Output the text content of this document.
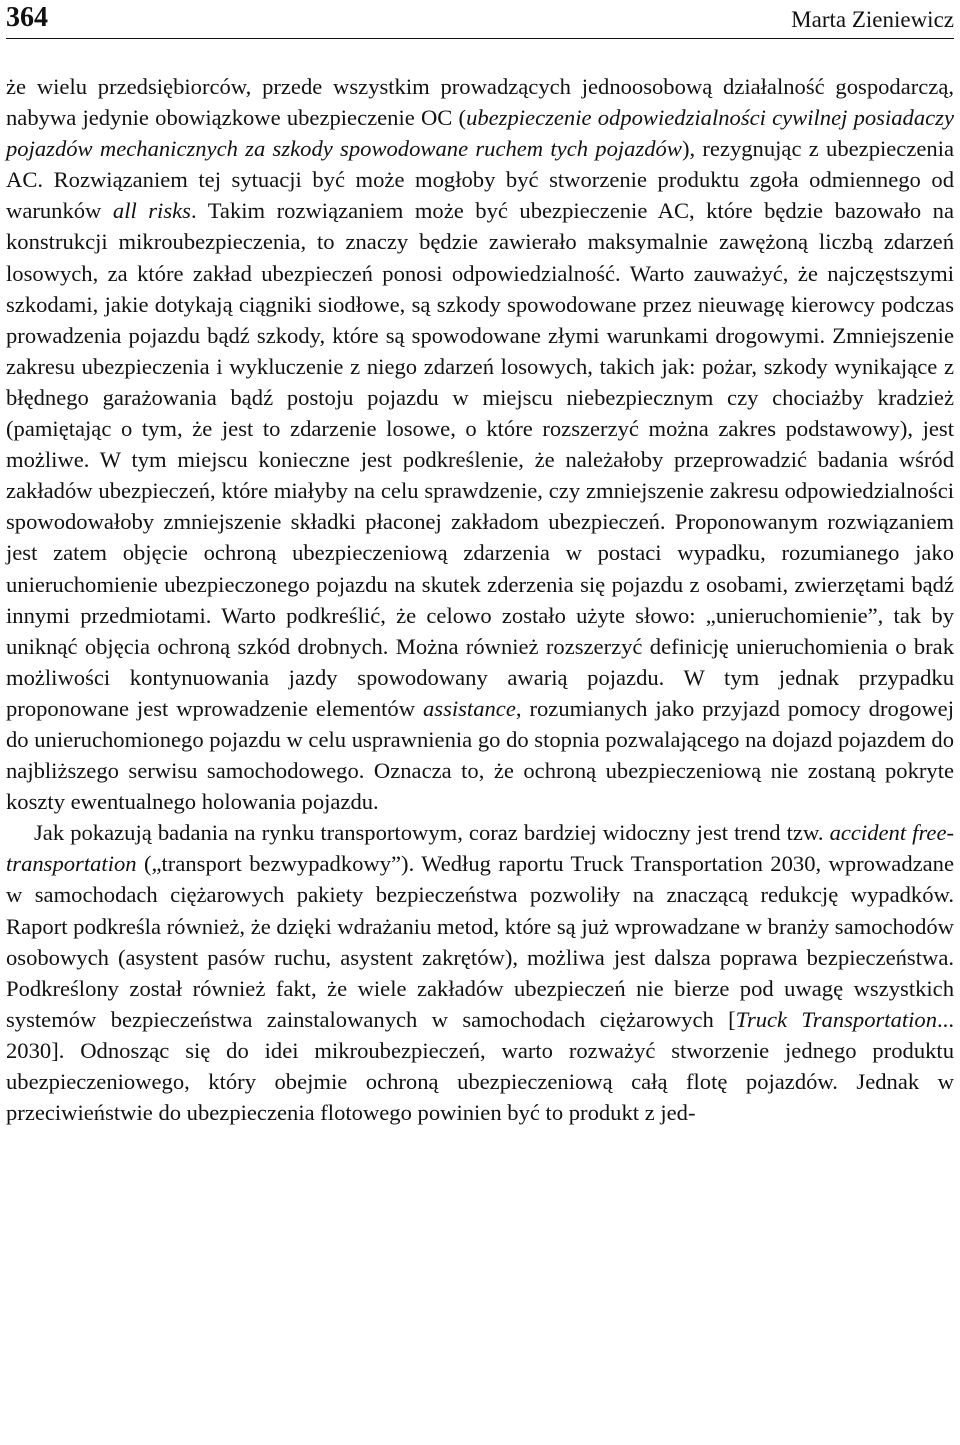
364	Marta Zieniewicz

że wielu przedsiębiorców, przede wszystkim prowadzących jednoosobową działalność gospodarczą, nabywa jedynie obowiązkowe ubezpieczenie OC (ubezpieczenie odpowiedzialności cywilnej posiadaczy pojazdów mechanicznych za szkody spowodowane ruchem tych pojazdów), rezygnując z ubezpieczenia AC. Rozwiązaniem tej sytuacji być może mogłoby być stworzenie produktu zgoła odmiennego od warunków all risks. Takim rozwiązaniem może być ubezpieczenie AC, które będzie bazowało na konstrukcji mikroubezpieczenia, to znaczy będzie zawierało maksymalnie zawężoną liczbą zdarzeń losowych, za które zakład ubezpieczeń ponosi odpowiedzialność. Warto zauważyć, że najczęstszymi szkodami, jakie dotykają ciągniki siodłowe, są szkody spowodowane przez nieuwagę kierowcy podczas prowadzenia pojazdu bądź szkody, które są spowodowane złymi warunkami drogowymi. Zmniejszenie zakresu ubezpieczenia i wykluczenie z niego zdarzeń losowych, takich jak: pożar, szkody wynikające z błędnego garażowania bądź postoju pojazdu w miejscu niebezpiecznym czy chociażby kradzież (pamiętając o tym, że jest to zdarzenie losowe, o które rozszerzyć można zakres podstawowy), jest możliwe. W tym miejscu konieczne jest podkreślenie, że należałoby przeprowadzić badania wśród zakładów ubezpieczeń, które miałyby na celu sprawdzenie, czy zmniejszenie zakresu odpowiedzialności spowodowałoby zmniejszenie składki płaconej zakładom ubezpieczeń. Proponowanym rozwiązaniem jest zatem objęcie ochroną ubezpieczeniową zdarzenia w postaci wypadku, rozumianego jako unieruchomienie ubezpieczonego pojazdu na skutek zderzenia się pojazdu z osobami, zwierzętami bądź innymi przedmiotami. Warto podkreślić, że celowo zostało użyte słowo: „unieruchomienie”, tak by uniknąć objęcia ochroną szkód drobnych. Można również rozszerzyć definicję unieruchomienia o brak możliwości kontynuowania jazdy spowodowany awarią pojazdu. W tym jednak przypadku proponowane jest wprowadzenie elementów assistance, rozumianych jako przyjazd pomocy drogowej do unieruchomionego pojazdu w celu usprawnienia go do stopnia pozwalającego na dojazd pojazdem do najbliższego serwisu samochodowego. Oznacza to, że ochroną ubezpieczeniową nie zostaną pokryte koszty ewentualnego holowania pojazdu.

Jak pokazują badania na rynku transportowym, coraz bardziej widoczny jest trend tzw. accident free-transportation („transport bezwypadkowy”). Według raportu Truck Transportation 2030, wprowadzane w samochodach ciężarowych pakiety bezpieczeństwa pozwoliły na znaczącą redukcję wypadków. Raport podkreśla również, że dzięki wdrażaniu metod, które są już wprowadzane w branży samochodów osobowych (asystent pasów ruchu, asystent zakrętów), możliwa jest dalsza poprawa bezpieczeństwa. Podkreślony został również fakt, że wiele zakładów ubezpieczeń nie bierze pod uwagę wszystkich systemów bezpieczeństwa zainstalowanych w samochodach ciężarowych [Truck Transportation... 2030]. Odnosząc się do idei mikroubezpieczeń, warto rozważyć stworzenie jednego produktu ubezpieczeniowego, który obejmie ochroną ubezpieczeniową całą flotę pojazdów. Jednak w przeciwieństwie do ubezpieczenia flotowego powinien być to produkt z jed-
